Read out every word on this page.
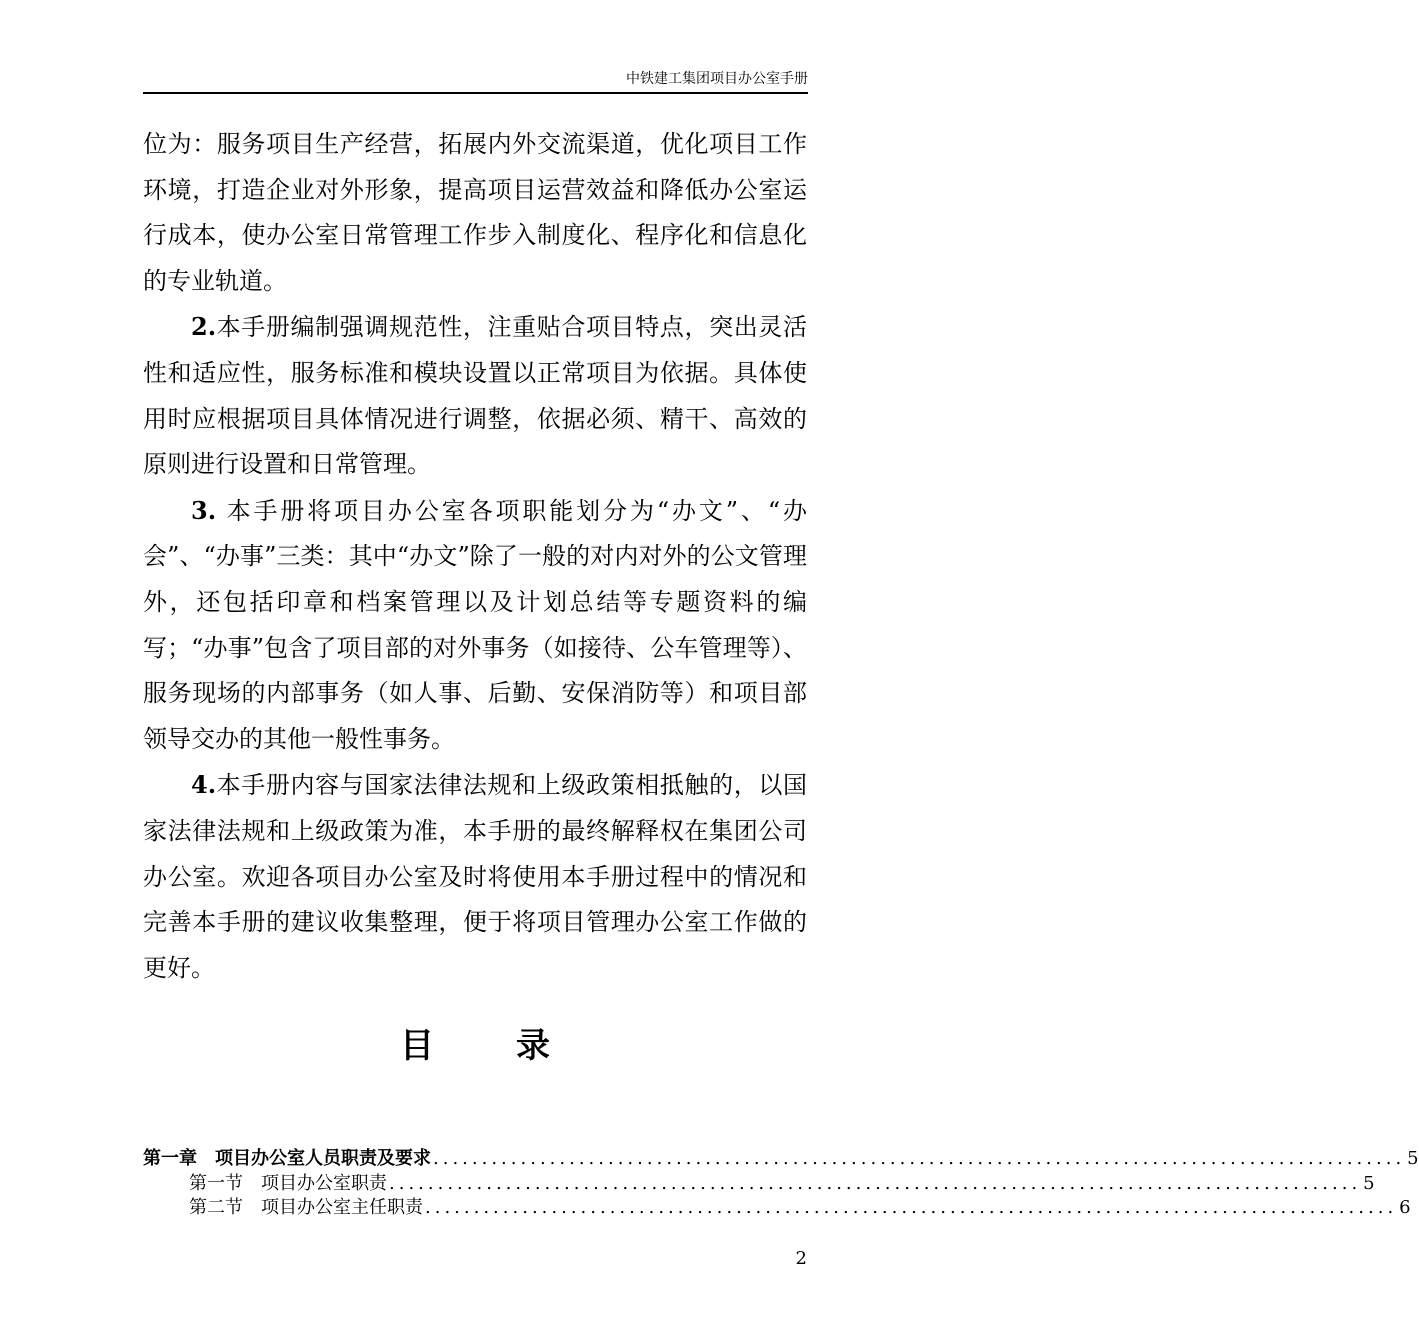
中铁建工集团项目办公室手册

位为：服务项目生产经营，拓展内外交流渠道，优化项目工作环境，打造企业对外形象，提高项目运营效益和降低办公室运行成本，使办公室日常管理工作步入制度化、程序化和信息化的专业轨道。

2.本手册编制强调规范性，注重贴合项目特点，突出灵活性和适应性，服务标准和模块设置以正常项目为依据。具体使用时应根据项目具体情况进行调整，依据必须、精干、高效的原则进行设置和日常管理。

3. 本手册将项目办公室各项职能划分为“办文”、“办会”、“办事”三类：其中“办文”除了一般的对内对外的公文管理外，还包括印章和档案管理以及计划总结等专题资料的编写；“办事”包含了项目部的对外事务（如接待、公车管理等）、服务现场的内部事务（如人事、后勤、安保消防等）和项目部领导交办的其他一般性事务。

4.本手册内容与国家法律法规和上级政策相抵触的，以国家法律法规和上级政策为准，本手册的最终解释权在集团公司办公室。欢迎各项目办公室及时将使用本手册过程中的情况和完善本手册的建议收集整理，便于将项目管理办公室工作做的更好。

目 录
第一章　项目办公室人员职责及要求 .................................................................................................... 5
第一节　项目办公室职责 .................................................................................................... 5
第二节　项目办公室主任职责 .................................................................................................... 6
2
